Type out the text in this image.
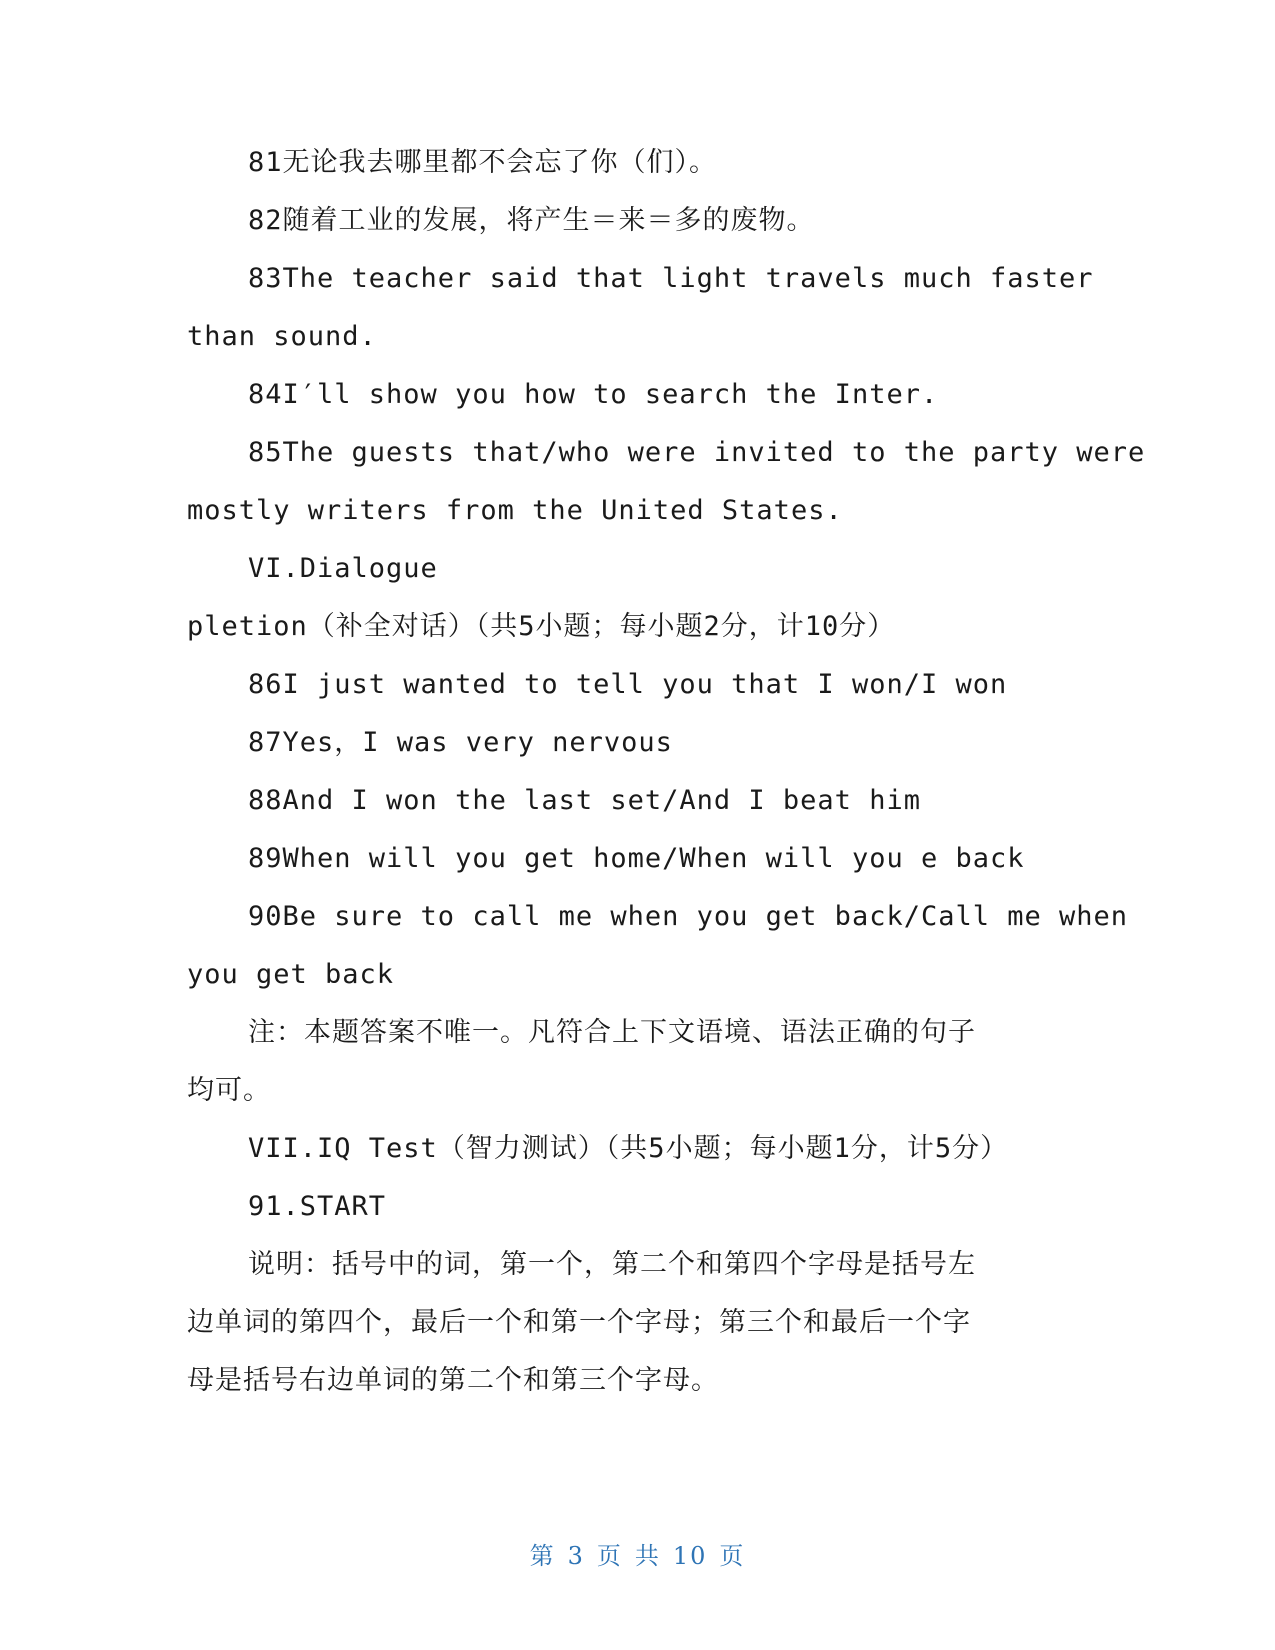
81无论我去哪里都不会忘了你（们）。
82随着工业的发展，将产生＝来＝多的废物。
83The teacher said that light travels much faster
than sound.
84I′ll show you how to search the Inter.
85The guests that/who were invited to the party were
mostly writers from the United States.
VI.Dialogue
pletion（补全对话）（共5小题；每小题2分，计10分）
86I just wanted to tell you that I won/I won
87Yes，I was very nervous
88And I won the last set/And I beat him
89When will you get home/When will you e back
90Be sure to call me when you get back/Call me when
you get back
注：本题答案不唯一。凡符合上下文语境、语法正确的句子
均可。
VII.IQ Test（智力测试）（共5小题；每小题1分，计5分）
91.START
说明：括号中的词，第一个，第二个和第四个字母是括号左
边单词的第四个，最后一个和第一个字母；第三个和最后一个字
母是括号右边单词的第二个和第三个字母。
第 3 页 共 10 页
